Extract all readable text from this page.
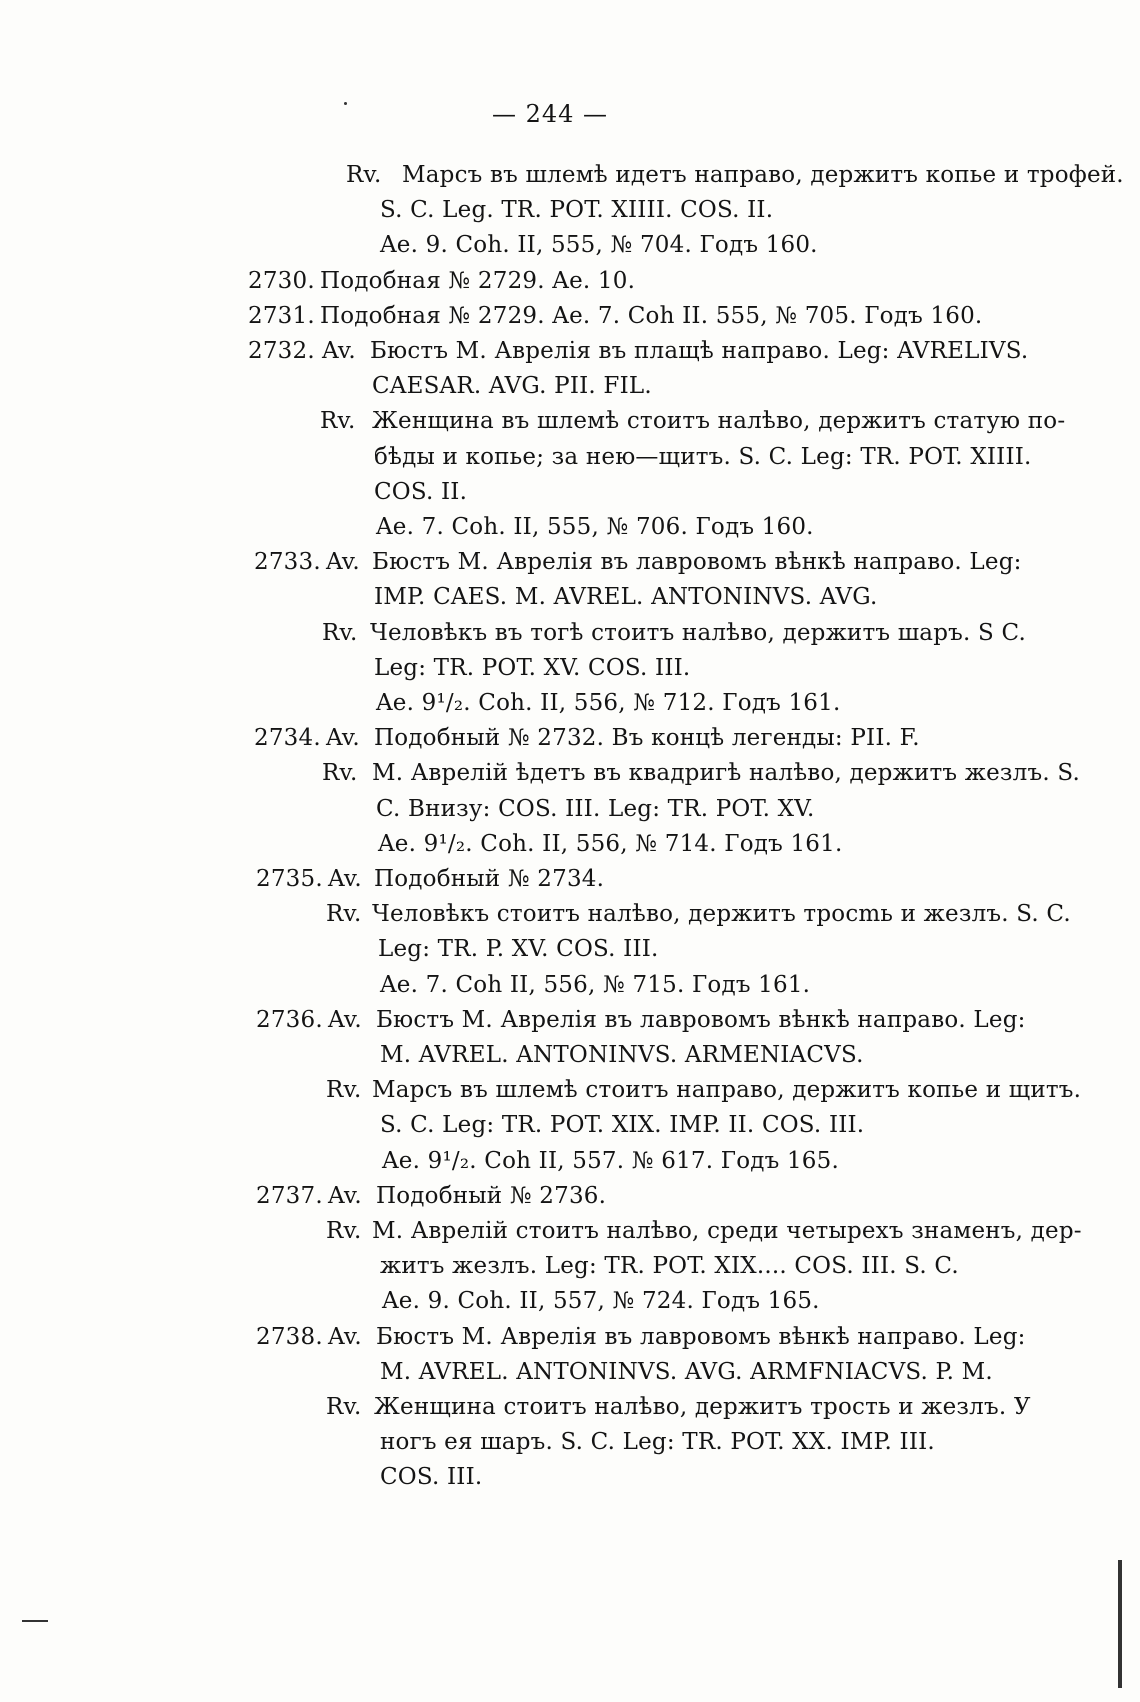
— 244 —
Rv. Марсъ въ шлемѣ идетъ направо, держитъ копье и трофей.
S. C. Leg. TR. POT. XIIII. COS. II.
Ae. 9. Coh. II, 555, № 704. Годъ 160.
2730. Подобная № 2729. Ae. 10.
2731. Подобная № 2729. Ae. 7. Coh II. 555, № 705. Годъ 160.
2732. Av. Бюстъ М. Аврелія въ плащѣ направо. Leg: AVRELIVS.
CAESAR. AVG. PII. FIL.
Rv. Женщина въ шлемѣ стоитъ налѣво, держитъ статую по-
бѣды и копье; за нею—щитъ. S. C. Leg: TR. POT. XIIII.
COS. II.
Ae. 7. Coh. II, 555, № 706. Годъ 160.
2733. Av. Бюстъ М. Аврелія въ лавровомъ вѣнкѣ направо. Leg:
IMP. CAES. M. AVREL. ANTONINVS. AVG.
Rv. Человѣкъ въ тогѣ стоитъ налѣво, держитъ шаръ. S C.
Leg: TR. POT. XV. COS. III.
Ae. 9¹/₂. Coh. II, 556, № 712. Годъ 161.
2734. Av. Подобный № 2732. Въ концѣ легенды: PII. F.
Rv. М. Аврелій ѣдетъ въ квадригѣ налѣво, держитъ жезлъ. S.
C. Внизу: COS. III. Leg: TR. POT. XV.
Ae. 9¹/₂. Coh. II, 556, № 714. Годъ 161.
2735. Av. Подобный № 2734.
Rv. Человѣкъ стоитъ налѣво, держитъ тросmь и жезлъ. S. C.
Leg: TR. P. XV. COS. III.
Ae. 7. Coh II, 556, № 715. Годъ 161.
2736. Av. Бюстъ М. Аврелія въ лавровомъ вѣнкѣ направо. Leg:
M. AVREL. ANTONINVS. ARMENIACVS.
Rv. Марсъ въ шлемѣ стоитъ направо, держитъ копье и щитъ.
S. C. Leg: TR. POT. XIX. IMP. II. COS. III.
Ae. 9¹/₂. Coh II, 557. № 617. Годъ 165.
2737. Av. Подобный № 2736.
Rv. М. Аврелій стоитъ налѣво, среди четырехъ знаменъ, дер-
житъ жезлъ. Leg: TR. POT. XIX.... COS. III. S. C.
Ae. 9. Coh. II, 557, № 724. Годъ 165.
2738. Av. Бюстъ М. Аврелія въ лавровомъ вѣнкѣ направо. Leg:
M. AVREL. ANTONINVS. AVG. ARMFNIACVS. P. M.
Rv. Женщина стоитъ налѣво, держитъ трость и жезлъ. У
ногъ ея шаръ. S. C. Leg: TR. POT. XX. IMP. III.
COS. III.
